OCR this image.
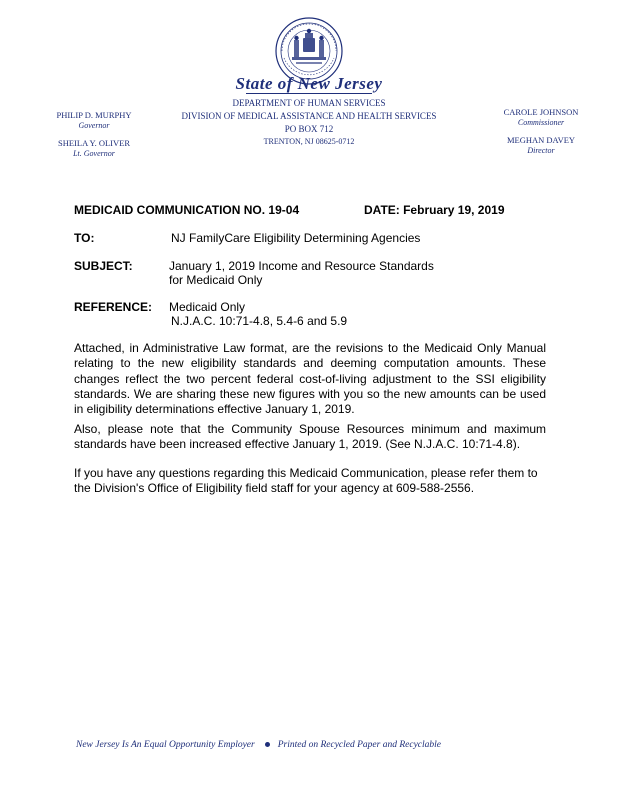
State of New Jersey
DEPARTMENT OF HUMAN SERVICES
DIVISION OF MEDICAL ASSISTANCE AND HEALTH SERVICES
PO BOX 712
TRENTON, NJ 08625-0712
PHILIP D. MURPHY
Governor
SHEILA Y. OLIVER
Lt. Governor
CAROLE JOHNSON
Commissioner
MEGHAN DAVEY
Director
MEDICAID COMMUNICATION NO. 19-04	DATE: February 19, 2019
TO:	NJ FamilyCare Eligibility Determining Agencies
SUBJECT:	January 1, 2019 Income and Resource Standards
for Medicaid Only
REFERENCE: Medicaid Only
N.J.A.C. 10:71-4.8, 5.4-6 and 5.9
Attached, in Administrative Law format, are the revisions to the Medicaid Only Manual
relating to the new eligibility standards and deeming computation amounts. These
changes reflect the two percent federal cost-of-living adjustment to the SSI eligibility
standards. We are sharing these new figures with you so the new amounts can be used
in eligibility determinations effective January 1, 2019.
Also, please note that the Community Spouse Resources minimum and maximum
standards have been increased effective January 1, 2019. (See N.J.A.C. 10:71-4.8).
If you have any questions regarding this Medicaid Communication, please refer them to
the Division's Office of Eligibility field staff for your agency at 609-588-2556.
New Jersey Is An Equal Opportunity Employer Printed on Recycled Paper and Recyclable
